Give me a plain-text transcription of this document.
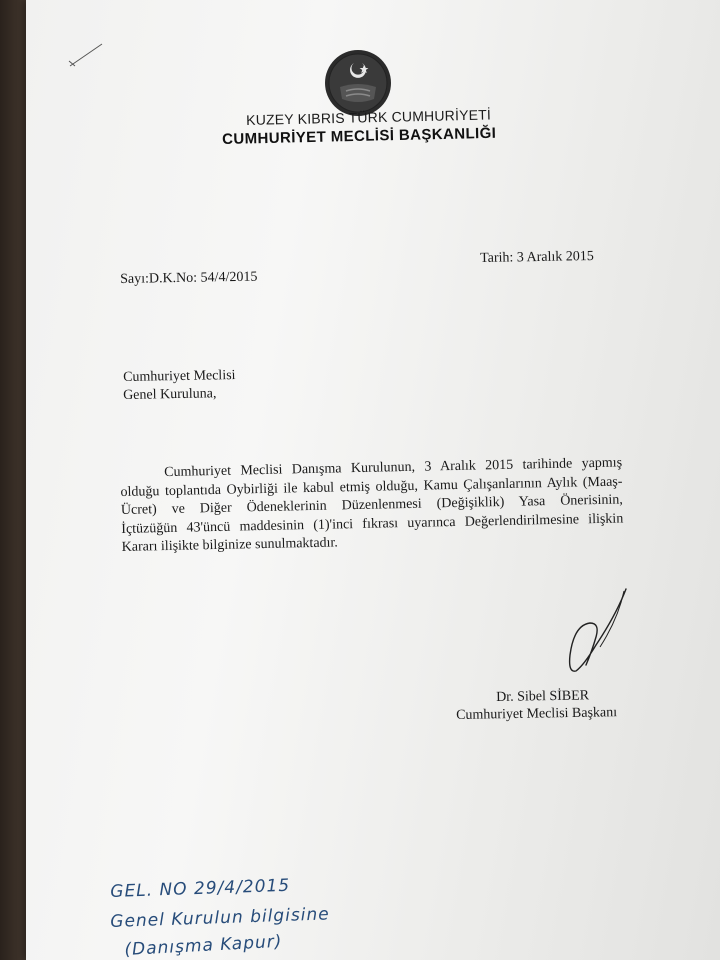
KUZEY KIBRIS TÜRK CUMHURİYETİ
CUMHURİYET MECLİSİ BAŞKANLIĞI
Tarih: 3 Aralık 2015
Sayı:D.K.No: 54/4/2015
Cumhuriyet Meclisi
Genel Kuruluna,
Cumhuriyet Meclisi Danışma Kurulunun, 3 Aralık 2015 tarihinde yapmış
olduğu toplantıda Oybirliği ile kabul etmiş olduğu, Kamu Çalışanlarının Aylık (Maaş-
Ücret) ve Diğer Ödeneklerinin Düzenlenmesi (Değişiklik) Yasa Önerisinin,
İçtüzüğün 43'üncü maddesinin (1)'inci fıkrası uyarınca Değerlendirilmesine ilişkin
Kararı ilişikte bilginize sunulmaktadır.
Dr. Sibel SİBER
Cumhuriyet Meclisi Başkanı
GEL. NO 29/4/2015
Genel Kurulun bilgisine
(Danışma Kapur)
